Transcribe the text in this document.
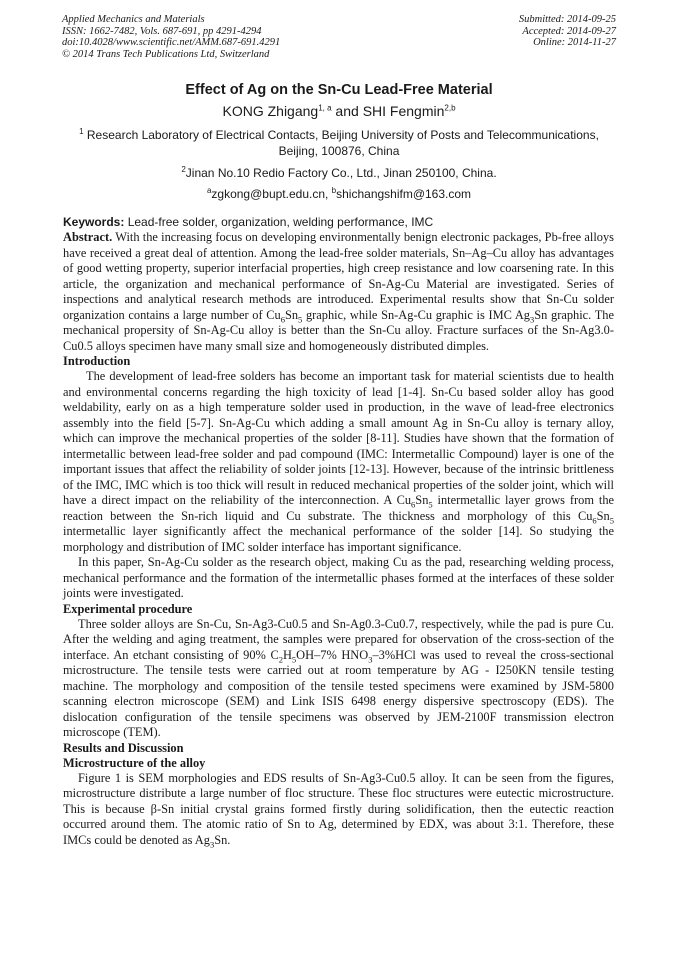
Applied Mechanics and Materials
ISSN: 1662-7482, Vols. 687-691, pp 4291-4294
doi:10.4028/www.scientific.net/AMM.687-691.4291
© 2014 Trans Tech Publications Ltd, Switzerland
Submitted: 2014-09-25
Accepted: 2014-09-27
Online: 2014-11-27
Effect of Ag on the Sn-Cu Lead-Free Material
KONG Zhigang$^{1, a}$ and SHI Fengmin$^{2,b}$
$^1$ Research Laboratory of Electrical Contacts, Beijing University of Posts and Telecommunications, Beijing, 100876, China
$^2$Jinan No.10 Redio Factory Co., Ltd., Jinan 250100, China.
$^a$zgkong@bupt.edu.cn, $^b$shichangshifm@163.com
Keywords: Lead-free solder, organization, welding performance, IMC

Abstract. With the increasing focus on developing environmentally benign electronic packages, Pb-free alloys have received a great deal of attention. Among the lead-free solder materials, Sn–Ag–Cu alloy has advantages of good wetting property, superior interfacial properties, high creep resistance and low coarsening rate. In this article, the organization and mechanical performance of Sn-Ag-Cu Material are investigated. Series of inspections and analytical research methods are introduced. Experimental results show that Sn-Cu solder organization contains a large number of $Cu_6Sn_5$ graphic, while Sn-Ag-Cu graphic is IMC $Ag_3Sn$ graphic. The mechanical propersity of Sn-Ag-Cu alloy is better than the Sn-Cu alloy. Fracture surfaces of the Sn-Ag3.0-Cu0.5 alloys specimen have many small size and homogeneously distributed dimples.

Introduction

The development of lead-free solders has become an important task for material scientists due to health and environmental concerns regarding the high toxicity of lead [1-4]. Sn-Cu based solder alloy has good weldability, early on as a high temperature solder used in production, in the wave of lead-free electronics assembly into the field [5-7]. Sn-Ag-Cu which adding a small amount Ag in Sn-Cu alloy is ternary alloy, which can improve the mechanical properties of the solder [8-11]. Studies have shown that the formation of intermetallic between lead-free solder and pad compound (IMC: Intermetallic Compound) layer is one of the important issues that affect the reliability of solder joints [12-13]. However, because of the intrinsic brittleness of the IMC, IMC which is too thick will result in reduced mechanical properties of the solder joint, which will have a direct impact on the reliability of the interconnection. A $Cu_6Sn_5$ intermetallic layer grows from the reaction between the Sn-rich liquid and Cu substrate. The thickness and morphology of this $Cu_6Sn_5$ intermetallic layer significantly affect the mechanical performance of the solder [14]. So studying the morphology and distribution of IMC solder interface has important significance.

In this paper, Sn-Ag-Cu solder as the research object, making Cu as the pad, researching welding process, mechanical performance and the formation of the intermetallic phases formed at the interfaces of these solder joints were investigated.

Experimental procedure

Three solder alloys are Sn-Cu, Sn-Ag3-Cu0.5 and Sn-Ag0.3-Cu0.7, respectively, while the pad is pure Cu. After the welding and aging treatment, the samples were prepared for observation of the cross-section of the interface. An etchant consisting of 90% $C_2H_5OH-7\%$ $HNO_3-3\%HCl$ was used to reveal the cross-sectional microstructure. The tensile tests were carried out at room temperature by AG - I250KN tensile testing machine. The morphology and composition of the tensile tested specimens were examined by JSM-5800 scanning electron microscope (SEM) and Link ISIS 6498 energy dispersive spectroscopy (EDS). The dislocation configuration of the tensile specimens was observed by JEM-2100F transmission electron microscope (TEM).

Results and Discussion
Microstructure of the alloy

Figure 1 is SEM morphologies and EDS results of Sn-Ag3-Cu0.5 alloy. It can be seen from the figures, microstructure distribute a large number of floc structure. These floc structures were eutectic microstructure. This is because β-Sn initial crystal grains formed firstly during solidification, then the eutectic reaction occurred around them. The atomic ratio of Sn to Ag, determined by EDX, was about 3:1. Therefore, these IMCs could be denoted as $Ag_3Sn$.
